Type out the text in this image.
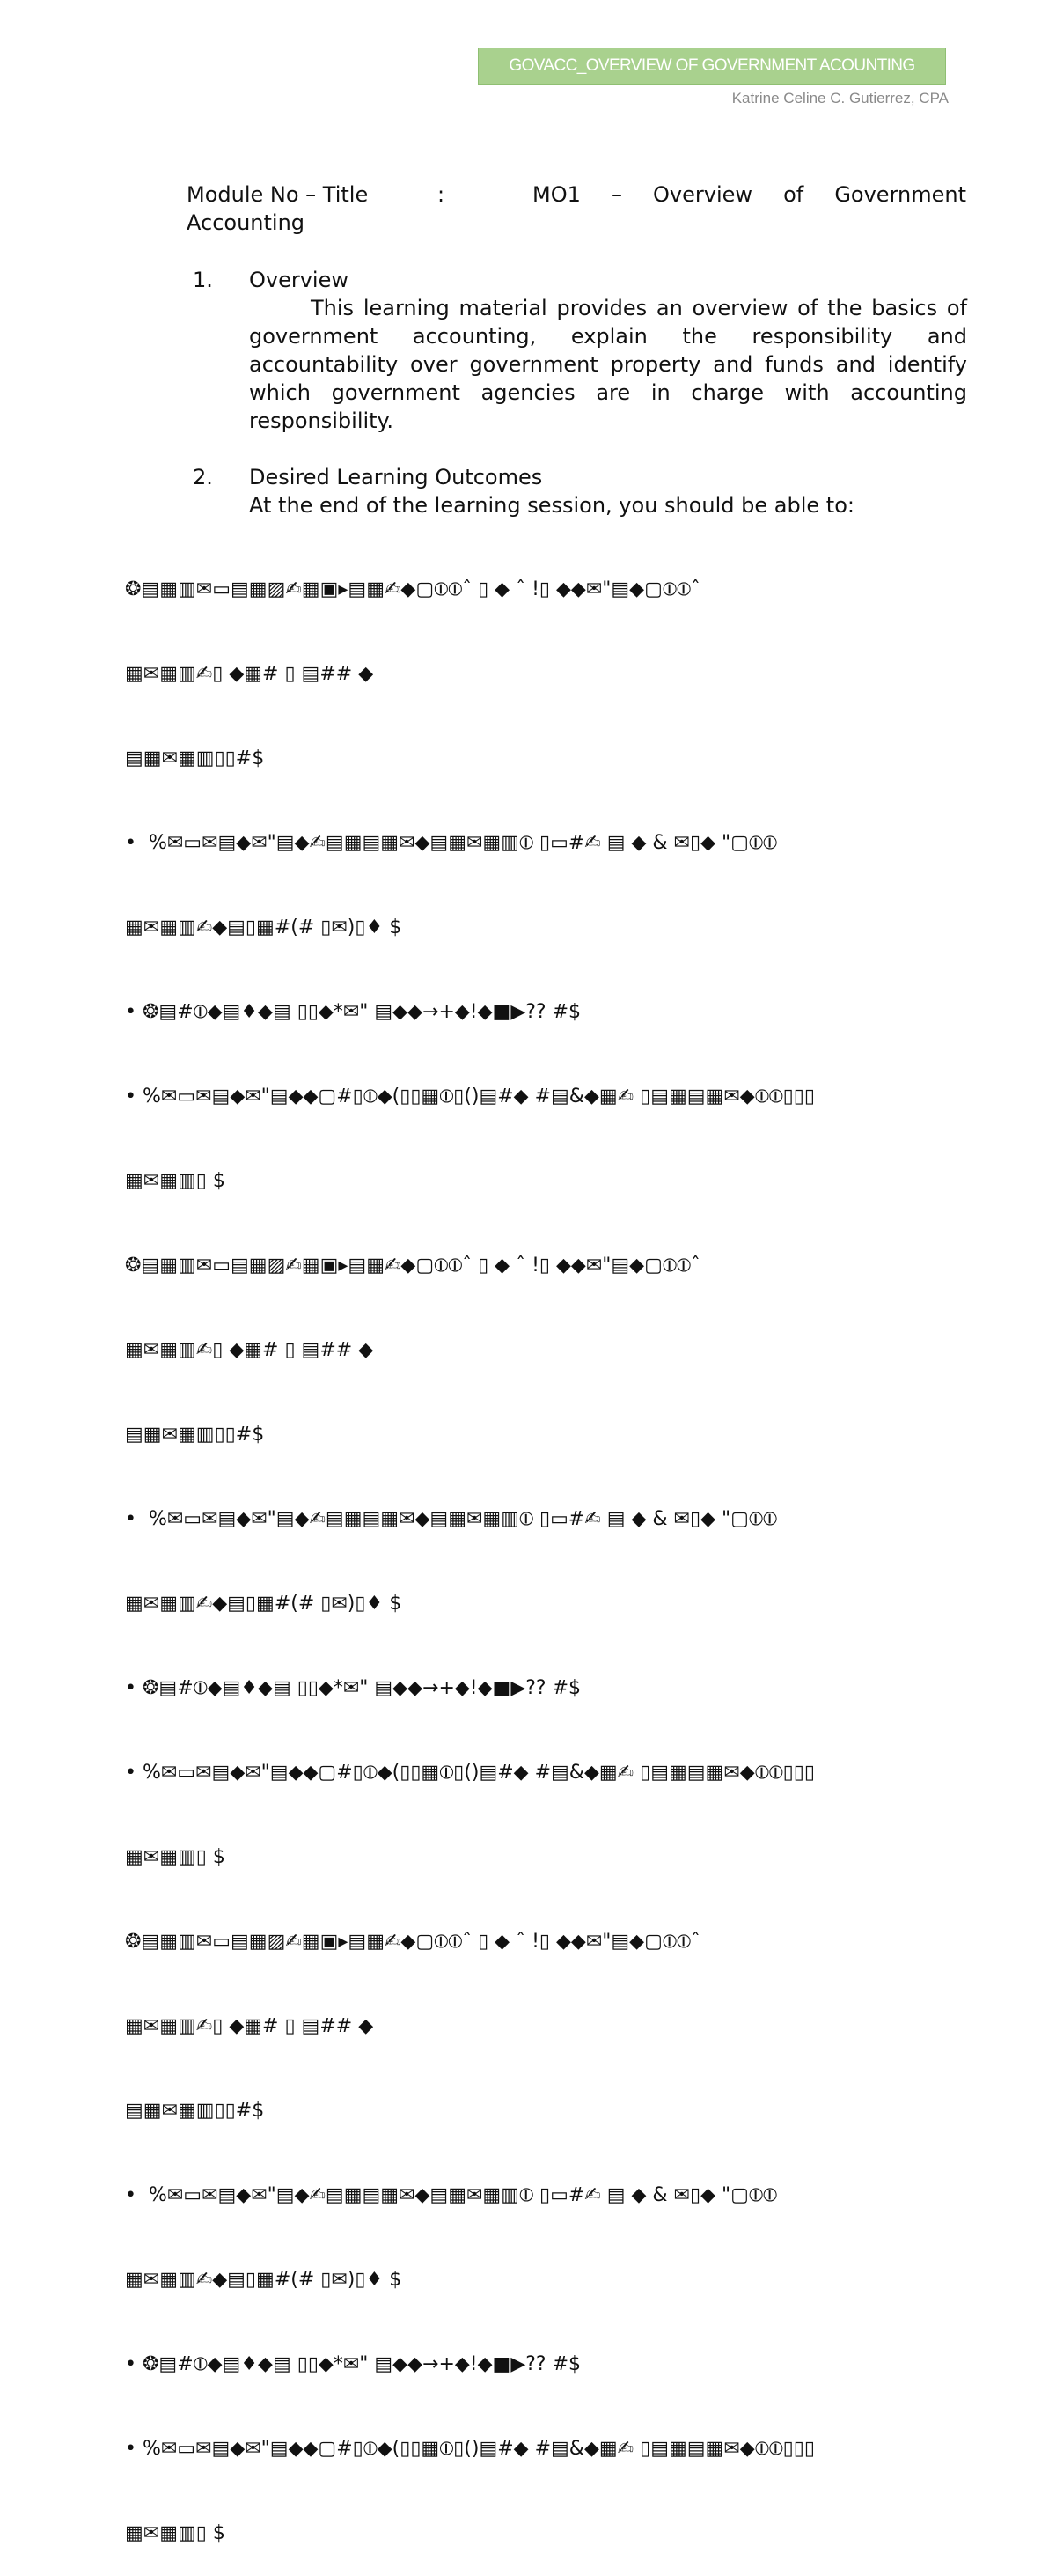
GOVACC_OVERVIEW OF GOVERNMENT ACOUNTING
Katrine Celine C. Gutierrez, CPA
Module No – Title	:	MO1 – Overview of Government
Accounting
1. Overview
This learning material provides an overview of the basics of government accounting, explain the responsibility and accountability over government property and funds and identify which government agencies are in charge with accounting responsibility.
2. Desired Learning Outcomes
At the end of the learning session, you should be able to:

❂▤▦▥✉▭▤▦▨✍▦▣▸▤▦✍◆▢⦶⦶ˆ ▯ ◆ ˆ !▯ ◆◆✉"▤◆▢⦶⦶ˆ

▦✉▦▥✍▯ ◆▦# ▯ ▤## ◆

▤▦✉▦▥▯▯#$

•  %✉▭✉▤◆✉"▤◆✍▤▦▤▦✉◆▤▦✉▦▥⦶ ▯▭#✍ ▤ ◆ & ✉▯◆ "▢⦶⦶

▦✉▦▥✍◆▤▯▦#(# ▯✉)▯♦ $

• ❂▤#⦶◆▤♦◆▤ ▯▯◆*✉" ▤◆◆→+◆!◆■▶?? #$

• %✉▭✉▤◆✉"▤◆◆▢#▯⦶◆(▯▯▦⦶▯()▤#◆ #▤&◆▦✍ ▯▤▦▤▦✉◆⦶⦶▯▯▯

▦✉▦▥▯ $

❂▤▦▥✉▭▤▦▨✍▦▣▸▤▦✍◆▢⦶⦶ˆ ▯ ◆ ˆ !▯ ◆◆✉"▤◆▢⦶⦶ˆ

▦✉▦▥✍▯ ◆▦# ▯ ▤## ◆

▤▦✉▦▥▯▯#$

•  %✉▭✉▤◆✉"▤◆✍▤▦▤▦✉◆▤▦✉▦▥⦶ ▯▭#✍ ▤ ◆ & ✉▯◆ "▢⦶⦶

▦✉▦▥✍◆▤▯▦#(# ▯✉)▯♦ $

• ❂▤#⦶◆▤♦◆▤ ▯▯◆*✉" ▤◆◆→+◆!◆■▶?? #$

• %✉▭✉▤◆✉"▤◆◆▢#▯⦶◆(▯▯▦⦶▯()▤#◆ #▤&◆▦✍ ▯▤▦▤▦✉◆⦶⦶▯▯▯

▦✉▦▥▯ $

❂▤▦▥✉▭▤▦▨✍▦▣▸▤▦✍◆▢⦶⦶ˆ ▯ ◆ ˆ !▯ ◆◆✉"▤◆▢⦶⦶ˆ

▦✉▦▥✍▯ ◆▦# ▯ ▤## ◆

▤▦✉▦▥▯▯#$

•  %✉▭✉▤◆✉"▤◆✍▤▦▤▦✉◆▤▦✉▦▥⦶ ▯▭#✍ ▤ ◆ & ✉▯◆ "▢⦶⦶

▦✉▦▥✍◆▤▯▦#(# ▯✉)▯♦ $

• ❂▤#⦶◆▤♦◆▤ ▯▯◆*✉" ▤◆◆→+◆!◆■▶?? #$

• %✉▭✉▤◆✉"▤◆◆▢#▯⦶◆(▯▯▦⦶▯()▤#◆ #▤&◆▦✍ ▯▤▦▤▦✉◆⦶⦶▯▯▯

▦✉▦▥▯ $
